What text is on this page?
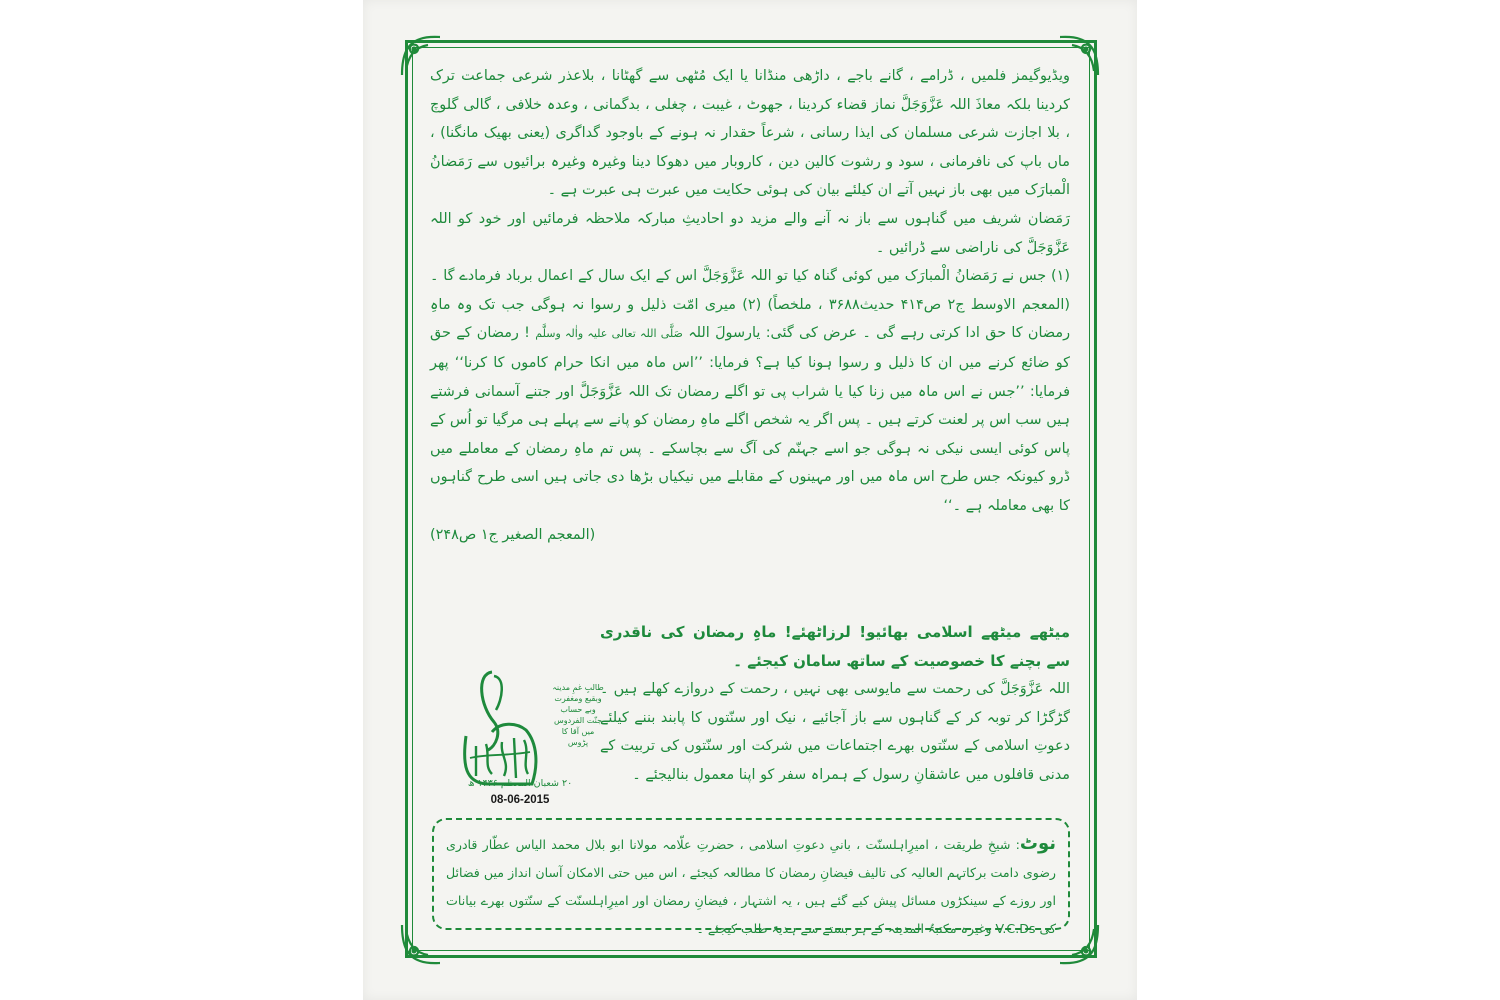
ویڈیوگیمز فلمیں ، ڈرامے ، گانے باجے ، داڑھی منڈانا یا ایک مُٹھی سے گھٹانا ، بلاعذر شرعی جماعت ترک کردینا بلکہ معاذَ اللہ عَزَّوَجَلَّ نماز قضاء کردینا ، جھوٹ ، غیبت ، چغلی ، بدگمانی ، وعدہ خلافی ، گالی گلوچ ، بلا اجازت شرعی مسلمان کی ایذا رسانی ، شرعاً حقدار نہ ہونے کے باوجود گداگری (یعنی بھیک مانگنا) ، ماں باپ کی نافرمانی ، سود و رشوت کالین دین ، کاروبار میں دھوکا دینا وغیرہ وغیرہ برائیوں سے رَمَضانُ الْمبارَک میں بھی باز نہیں آتے ان کیلئے بیان کی ہوئی حکایت میں عبرت ہی عبرت ہے ۔

رَمَضان شریف میں گناہوں سے باز نہ آنے والے مزید دو احادیثِ مبارکہ ملاحظہ فرمائیں اور خود کو اللہ عَزَّوَجَلَّ کی ناراضی سے ڈرائیں ۔

(۱) جس نے رَمَضانُ الْمبارَک میں کوئی گناہ کیا تو اللہ عَزَّوَجَلَّ اس کے ایک سال کے اعمال برباد فرمادے گا ۔ (المعجم الاوسط ج۲ ص۴۱۴ حدیث۳۶۸۸ ، ملخصاً) (۲) میری امّت ذلیل و رسوا نہ ہوگی جب تک وہ ماہِ رمضان کا حق ادا کرتی رہے گی ۔ عرض کی گئی: یارسولَ اللہ صَلَّی اللہ تعالی علیہ واٰلہ وسلَّم ! رمضان کے حق کو ضائع کرنے میں ان کا ذلیل و رسوا ہونا کیا ہے؟ فرمایا: ’’اس ماہ میں انکا حرام کاموں کا کرنا‘‘ پھر فرمایا: ’’جس نے اس ماہ میں زنا کیا یا شراب پی تو اگلے رمضان تک اللہ عَزَّوَجَلَّ اور جتنے آسمانی فرشتے ہیں سب اس پر لعنت کرتے ہیں ۔ پس اگر یہ شخص اگلے ماہِ رمضان کو پانے سے پہلے ہی مرگیا تو اُس کے پاس کوئی ایسی نیکی نہ ہوگی جو اسے جہنّم کی آگ سے بچاسکے ۔ پس تم ماہِ رمضان کے معاملے میں ڈرو کیونکہ جس طرح اس ماہ میں اور مہینوں کے مقابلے میں نیکیاں بڑھا دی جاتی ہیں اسی طرح گناہوں کا بھی معاملہ ہے ۔‘‘

(المعجم الصغیر ج۱ ص۲۴۸)

میٹھے میٹھے اسلامی بھائیو! لرزاٹھئے! ماہِ رمضان کی ناقدری سے بچنے کا خصوصیت کے ساتھ سامان کیجئے ۔

اللہ عَزَّوَجَلَّ کی رحمت سے مایوسی بھی نہیں ، رحمت کے دروازے کھلے ہیں ۔ گڑگڑا کر توبہ کر کے گناہوں سے باز آجائیے ، نیک اور سنّتوں کا پابند بننے کیلئے دعوتِ اسلامی کے سنّتوں بھرے اجتماعات میں شرکت اور سنّتوں کی تربیت کے مدنی قافلوں میں عاشقانِ رسول کے ہمراہ سفر کو اپنا معمول بنالیجئے ۔

طالبِ غمِ مدینہ وبقیع ومغفرت وبے حساب جنّت الفردوس میں آقا کا پڑوس
۲۰ شعبان المعظم ۱۴۳۶ ھ
08-06-2015
نوٹ: شیخِ طریقت ، امیرِاہلسنّت ، بانیِ دعوتِ اسلامی ، حضرتِ علّامہ مولانا ابو بلال محمد الیاس عطّار قادری رضوی دامت برکاتہم العالیہ کی تالیف فیضانِ رمضان کا مطالعہ کیجئے ، اس میں حتی الامکان آسان انداز میں فضائل اور روزے کے سینکڑوں مسائل پیش کیے گئے ہیں ، یہ اشتہار ، فیضانِ رمضان اور امیرِاہلسنّت کے سنّتوں بھرے بیانات کی V.C.Ds وغیرہ مکتبۃُ المدینہ کے ہر بستے سے ہدیۃً طلب کیجئے ۔
